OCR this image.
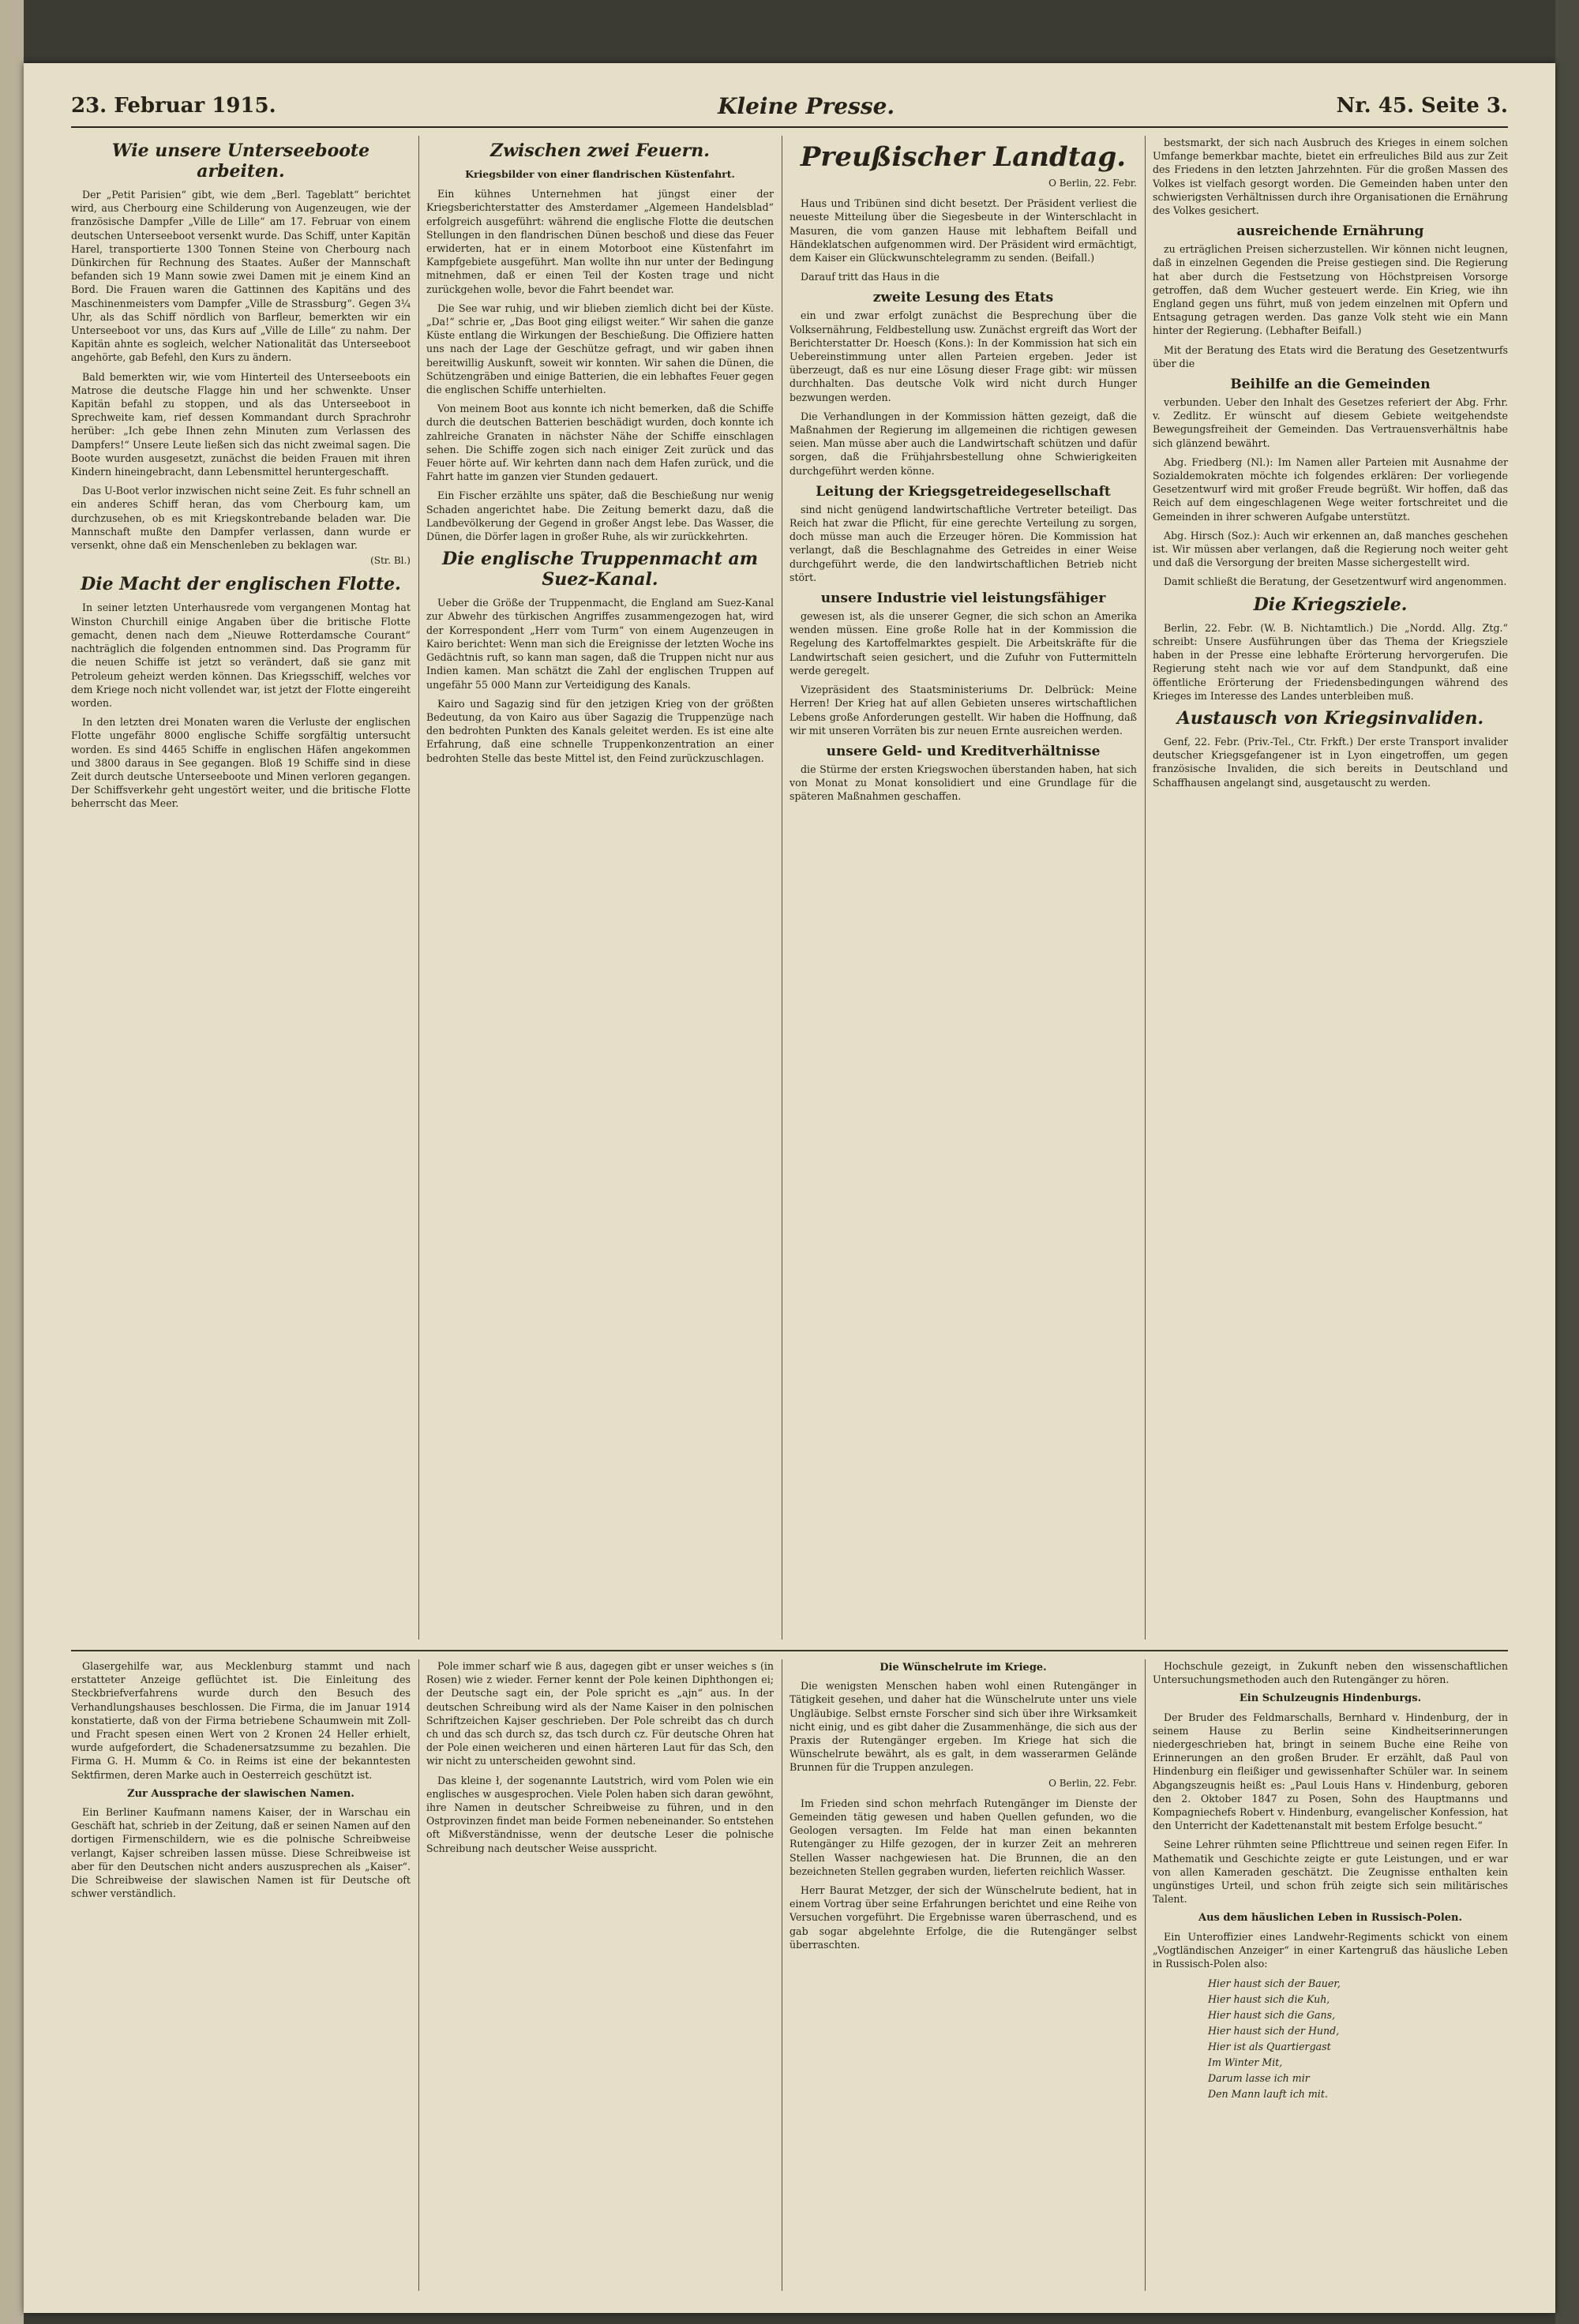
23. Februar 1915.	Kleine Presse.	Nr. 45. Seite 3.
Wie unsere Unterseeboote arbeiten.

Der „Petit Parisien“ gibt, wie dem „Berl. Tageblatt“ berichtet wird, aus Cherbourg eine Schilderung von Augenzeugen, wie der französische Dampfer „Ville de Lille“ am 17. Februar von einem deutschen Unterseeboot versenkt wurde. Das Schiff, unter Kapitän Harel, transportierte 1300 Tonnen Steine von Cherbourg nach Dünkirchen für Rechnung des Staates. Außer der Mannschaft befanden sich 19 Mann sowie zwei Damen mit je einem Kind an Bord. Die Frauen waren die Gattinnen des Kapitäns und des Maschinenmeisters vom Dampfer „Ville de Strassburg“. Gegen 3¼ Uhr, als das Schiff nördlich von Barfleur, bemerkten wir ein Unterseeboot vor uns, das Kurs auf „Ville de Lille“ zu nahm. Der Kapitän ahnte es sogleich, welcher Nationalität das Unterseeboot angehörte, gab Befehl, den Kurs zu ändern.

Bald bemerkten wir, wie vom Hinterteil des Unterseeboots ein Matrose die deutsche Flagge hin und her schwenkte. Unser Kapitän befahl zu stoppen, und als das Unterseeboot in Sprechweite kam, rief dessen Kommandant durch Sprachrohr herüber: „Ich gebe Ihnen zehn Minuten zum Verlassen des Dampfers!“ Unsere Leute ließen sich das nicht zweimal sagen. Die Boote wurden ausgesetzt, zunächst die beiden Frauen mit ihren Kindern hineingebracht, dann Lebensmittel heruntergeschafft.

Das U-Boot verlor inzwischen nicht seine Zeit. Es fuhr schnell an ein anderes Schiff heran, das vom Cherbourg kam, um durchzusehen, ob es mit Kriegskontrebande beladen war. Die Mannschaft mußte den Dampfer verlassen, dann wurde er versenkt, ohne daß ein Menschenleben zu beklagen war.

(Str. Bl.)
Die Macht der englischen Flotte.

In seiner letzten Unterhausrede vom vergangenen Montag hat Winston Churchill einige Angaben über die britische Flotte gemacht, denen nach dem „Nieuwe Rotterdamsche Courant“ nachträglich die folgenden entnommen sind. Das Programm für die neuen Schiffe ist jetzt so verändert, daß sie ganz mit Petroleum geheizt werden können. Das Kriegsschiff, welches vor dem Kriege noch nicht vollendet war, ist jetzt der Flotte eingereiht worden.

In den letzten drei Monaten waren die Verluste der englischen Flotte ungefähr 8000 englische Schiffe sorgfältig untersucht worden. Es sind 4465 Schiffe in englischen Häfen angekommen und 3800 daraus in See gegangen. Bloß 19 Schiffe sind in diese Zeit durch deutsche Unterseeboote und Minen verloren gegangen. Der Schiffsverkehr geht ungestört weiter, und die britische Flotte beherrscht das Meer.

Zwischen zwei Feuern.
Kriegsbilder von einer flandrischen Küstenfahrt.

Ein kühnes Unternehmen hat jüngst einer der Kriegsberichterstatter des Amsterdamer „Algemeen Handelsblad“ erfolgreich ausgeführt: während die englische Flotte die deutschen Stellungen in den flandrischen Dünen beschoß und diese das Feuer erwiderten, hat er in einem Motorboot eine Küstenfahrt im Kampfgebiete ausgeführt. Man wollte ihn nur unter der Bedingung mitnehmen, daß er einen Teil der Kosten trage und nicht zurückgehen wolle, bevor die Fahrt beendet war.

Die See war ruhig, und wir blieben ziemlich dicht bei der Küste. „Da!“ schrie er, „Das Boot ging eiligst weiter.“ Wir sahen die ganze Küste entlang die Wirkungen der Beschießung. Die Offiziere hatten uns nach der Lage der Geschütze gefragt, und wir gaben ihnen bereitwillig Auskunft, soweit wir konnten. Wir sahen die Dünen, die Schützengräben und einige Batterien, die ein lebhaftes Feuer gegen die englischen Schiffe unterhielten.

Von meinem Boot aus konnte ich nicht bemerken, daß die Schiffe durch die deutschen Batterien beschädigt wurden, doch konnte ich zahlreiche Granaten in nächster Nähe der Schiffe einschlagen sehen. Die Schiffe zogen sich nach einiger Zeit zurück und das Feuer hörte auf. Wir kehrten dann nach dem Hafen zurück, und die Fahrt hatte im ganzen vier Stunden gedauert.

Ein Fischer erzählte uns später, daß die Beschießung nur wenig Schaden angerichtet habe. Die Zeitung bemerkt dazu, daß die Landbevölkerung der Gegend in großer Angst lebe. Das Wasser, die Dünen, die Dörfer lagen in großer Ruhe, als wir zurückkehrten.

Die englische Truppenmacht am Suez-Kanal.

Ueber die Größe der Truppenmacht, die England am Suez-Kanal zur Abwehr des türkischen Angriffes zusammengezogen hat, wird der Korrespondent „Herr vom Turm“ von einem Augenzeugen in Kairo berichtet: Wenn man sich die Ereignisse der letzten Woche ins Gedächtnis ruft, so kann man sagen, daß die Truppen nicht nur aus Indien kamen. Man schätzt die Zahl der englischen Truppen auf ungefähr 55 000 Mann zur Verteidigung des Kanals.

Kairo und Sagazig sind für den jetzigen Krieg von der größten Bedeutung, da von Kairo aus über Sagazig die Truppenzüge nach den bedrohten Punkten des Kanals geleitet werden. Es ist eine alte Erfahrung, daß eine schnelle Truppenkonzentration an einer bedrohten Stelle das beste Mittel ist, den Feind zurückzuschlagen.

Preußischer Landtag.
O Berlin, 22. Febr.

Haus und Tribünen sind dicht besetzt. Der Präsident verliest die neueste Mitteilung über die Siegesbeute in der Winterschlacht in Masuren, die vom ganzen Hause mit lebhaftem Beifall und Händeklatschen aufgenommen wird. Der Präsident wird ermächtigt, dem Kaiser ein Glückwunschtelegramm zu senden. (Beifall.)

Darauf tritt das Haus in die

zweite Lesung des Etats

ein und zwar erfolgt zunächst die Besprechung über die Volksernährung, Feldbestellung usw. Zunächst ergreift das Wort der Berichterstatter Dr. Hoesch (Kons.): In der Kommission hat sich ein Uebereinstimmung unter allen Parteien ergeben. Jeder ist überzeugt, daß es nur eine Lösung dieser Frage gibt: wir müssen durchhalten. Das deutsche Volk wird nicht durch Hunger bezwungen werden.

Die Verhandlungen in der Kommission hätten gezeigt, daß die Maßnahmen der Regierung im allgemeinen die richtigen gewesen seien. Man müsse aber auch die Landwirtschaft schützen und dafür sorgen, daß die Frühjahrsbestellung ohne Schwierigkeiten durchgeführt werden könne.

Leitung der Kriegsgetreidegesellschaft

sind nicht genügend landwirtschaftliche Vertreter beteiligt. Das Reich hat zwar die Pflicht, für eine gerechte Verteilung zu sorgen, doch müsse man auch die Erzeuger hören. Die Kommission hat verlangt, daß die Beschlagnahme des Getreides in einer Weise durchgeführt werde, die den landwirtschaftlichen Betrieb nicht stört.

unsere Industrie viel leistungsfähiger

gewesen ist, als die unserer Gegner, die sich schon an Amerika wenden müssen. Eine große Rolle hat in der Kommission die Regelung des Kartoffelmarktes gespielt. Die Arbeitskräfte für die Landwirtschaft seien gesichert, und die Zufuhr von Futtermitteln werde geregelt.

Vizepräsident des Staatsministeriums Dr. Delbrück: Meine Herren! Der Krieg hat auf allen Gebieten unseres wirtschaftlichen Lebens große Anforderungen gestellt. Wir haben die Hoffnung, daß wir mit unseren Vorräten bis zur neuen Ernte ausreichen werden.

unsere Geld- und Kreditverhältnisse

die Stürme der ersten Kriegswochen überstanden haben, hat sich von Monat zu Monat konsolidiert und eine Grundlage für die späteren Maßnahmen geschaffen.

bestsmarkt, der sich nach Ausbruch des Krieges in einem solchen Umfange bemerkbar machte, bietet ein erfreuliches Bild aus zur Zeit des Friedens in den letzten Jahrzehnten. Für die großen Massen des Volkes ist vielfach gesorgt worden. Die Gemeinden haben unter den schwierigsten Verhältnissen durch ihre Organisationen die Ernährung des Volkes gesichert.

ausreichende Ernährung

zu erträglichen Preisen sicherzustellen. Wir können nicht leugnen, daß in einzelnen Gegenden die Preise gestiegen sind. Die Regierung hat aber durch die Festsetzung von Höchstpreisen Vorsorge getroffen, daß dem Wucher gesteuert werde. Ein Krieg, wie ihn England gegen uns führt, muß von jedem einzelnen mit Opfern und Entsagung getragen werden. Das ganze Volk steht wie ein Mann hinter der Regierung. (Lebhafter Beifall.)

Mit der Beratung des Etats wird die Beratung des Gesetzentwurfs über die

Beihilfe an die Gemeinden

verbunden. Ueber den Inhalt des Gesetzes referiert der Abg. Frhr. v. Zedlitz. Er wünscht auf diesem Gebiete weitgehendste Bewegungsfreiheit der Gemeinden. Das Vertrauensverhältnis habe sich glänzend bewährt.

Abg. Friedberg (Nl.): Im Namen aller Parteien mit Ausnahme der Sozialdemokraten möchte ich folgendes erklären: Der vorliegende Gesetzentwurf wird mit großer Freude begrüßt. Wir hoffen, daß das Reich auf dem eingeschlagenen Wege weiter fortschreitet und die Gemeinden in ihrer schweren Aufgabe unterstützt.

Abg. Hirsch (Soz.): Auch wir erkennen an, daß manches geschehen ist. Wir müssen aber verlangen, daß die Regierung noch weiter geht und daß die Versorgung der breiten Masse sichergestellt wird.

Damit schließt die Beratung, der Gesetzentwurf wird angenommen.

Die Kriegsziele.

Berlin, 22. Febr. (W. B. Nichtamtlich.) Die „Nordd. Allg. Ztg.“ schreibt: Unsere Ausführungen über das Thema der Kriegsziele haben in der Presse eine lebhafte Erörterung hervorgerufen. Die Regierung steht nach wie vor auf dem Standpunkt, daß eine öffentliche Erörterung der Friedensbedingungen während des Krieges im Interesse des Landes unterbleiben muß.

Austausch von Kriegsinvaliden.

Genf, 22. Febr. (Priv.-Tel., Ctr. Frkft.) Der erste Transport invalider deutscher Kriegsgefangener ist in Lyon eingetroffen, um gegen französische Invaliden, die sich bereits in Deutschland und Schaffhausen angelangt sind, ausgetauscht zu werden.

Glasergehilfe war, aus Mecklenburg stammt und nach erstatteter Anzeige geflüchtet ist. Die Einleitung des Steckbriefverfahrens wurde durch den Besuch des Verhandlungshauses beschlossen. Die Firma, die im Januar 1914 konstatierte, daß von der Firma betriebene Schaumwein mit Zoll- und Fracht spesen einen Wert von 2 Kronen 24 Heller erhielt, wurde aufgefordert, die Schadenersatzsumme zu bezahlen. Die Firma G. H. Mumm & Co. in Reims ist eine der bekanntesten Sektfirmen, deren Marke auch in Oesterreich geschützt ist.

Zur Aussprache der slawischen Namen.

Ein Berliner Kaufmann namens Kaiser, der in Warschau ein Geschäft hat, schrieb in der Zeitung, daß er seinen Namen auf den dortigen Firmenschildern, wie es die polnische Schreibweise verlangt, Kajser schreiben lassen müsse. Diese Schreibweise ist aber für den Deutschen nicht anders auszusprechen als „Kaiser“. Die Schreibweise der slawischen Namen ist für Deutsche oft schwer verständlich.

Pole immer scharf wie ß aus, dagegen gibt er unser weiches s (in Rosen) wie z wieder. Ferner kennt der Pole keinen Diphthongen ei; der Deutsche sagt ein, der Pole spricht es „ajn“ aus. In der deutschen Schreibung wird als der Name Kaiser in den polnischen Schriftzeichen Kajser geschrieben. Der Pole schreibt das ch durch ch und das sch durch sz, das tsch durch cz. Für deutsche Ohren hat der Pole einen weicheren und einen härteren Laut für das Sch, den wir nicht zu unterscheiden gewohnt sind.

Das kleine ł, der sogenannte Lautstrich, wird vom Polen wie ein englisches w ausgesprochen. Viele Polen haben sich daran gewöhnt, ihre Namen in deutscher Schreibweise zu führen, und in den Ostprovinzen findet man beide Formen nebeneinander. So entstehen oft Mißverständnisse, wenn der deutsche Leser die polnische Schreibung nach deutscher Weise ausspricht.

Die Wünschelrute im Kriege.

Die wenigsten Menschen haben wohl einen Rutengänger in Tätigkeit gesehen, und daher hat die Wünschelrute unter uns viele Ungläubige. Selbst ernste Forscher sind sich über ihre Wirksamkeit nicht einig, und es gibt daher die Zusammenhänge, die sich aus der Praxis der Rutengänger ergeben. Im Kriege hat sich die Wünschelrute bewährt, als es galt, in dem wasserarmen Gelände Brunnen für die Truppen anzulegen.

O Berlin, 22. Febr.

Im Frieden sind schon mehrfach Rutengänger im Dienste der Gemeinden tätig gewesen und haben Quellen gefunden, wo die Geologen versagten. Im Felde hat man einen bekannten Rutengänger zu Hilfe gezogen, der in kurzer Zeit an mehreren Stellen Wasser nachgewiesen hat. Die Brunnen, die an den bezeichneten Stellen gegraben wurden, lieferten reichlich Wasser.

Herr Baurat Metzger, der sich der Wünschelrute bedient, hat in einem Vortrag über seine Erfahrungen berichtet und eine Reihe von Versuchen vorgeführt. Die Ergebnisse waren überraschend, und es gab sogar abgelehnte Erfolge, die die Rutengänger selbst überraschten.

Hochschule gezeigt, in Zukunft neben den wissenschaftlichen Untersuchungsmethoden auch den Rutengänger zu hören.

Ein Schulzeugnis Hindenburgs.

Der Bruder des Feldmarschalls, Bernhard v. Hindenburg, der in seinem Hause zu Berlin seine Kindheitserinnerungen niedergeschrieben hat, bringt in seinem Buche eine Reihe von Erinnerungen an den großen Bruder. Er erzählt, daß Paul von Hindenburg ein fleißiger und gewissenhafter Schüler war. In seinem Abgangszeugnis heißt es: „Paul Louis Hans v. Hindenburg, geboren den 2. Oktober 1847 zu Posen, Sohn des Hauptmanns und Kompagniechefs Robert v. Hindenburg, evangelischer Konfession, hat den Unterricht der Kadettenanstalt mit bestem Erfolge besucht.“

Seine Lehrer rühmten seine Pflichttreue und seinen regen Eifer. In Mathematik und Geschichte zeigte er gute Leistungen, und er war von allen Kameraden geschätzt. Die Zeugnisse enthalten kein ungünstiges Urteil, und schon früh zeigte sich sein militärisches Talent.

Aus dem häuslichen Leben in Russisch-Polen.

Ein Unteroffizier eines Landwehr-Regiments schickt von einem „Vogtländischen Anzeiger“ in einer Kartengruß das häusliche Leben in Russisch-Polen also:

Hier haust sich der Bauer,
Hier haust sich die Kuh,
Hier haust sich die Gans,
Hier haust sich der Hund,
Hier ist als Quartiergast
Im Winter Mit,
Darum lasse ich mir
Den Mann lauft ich mit.
